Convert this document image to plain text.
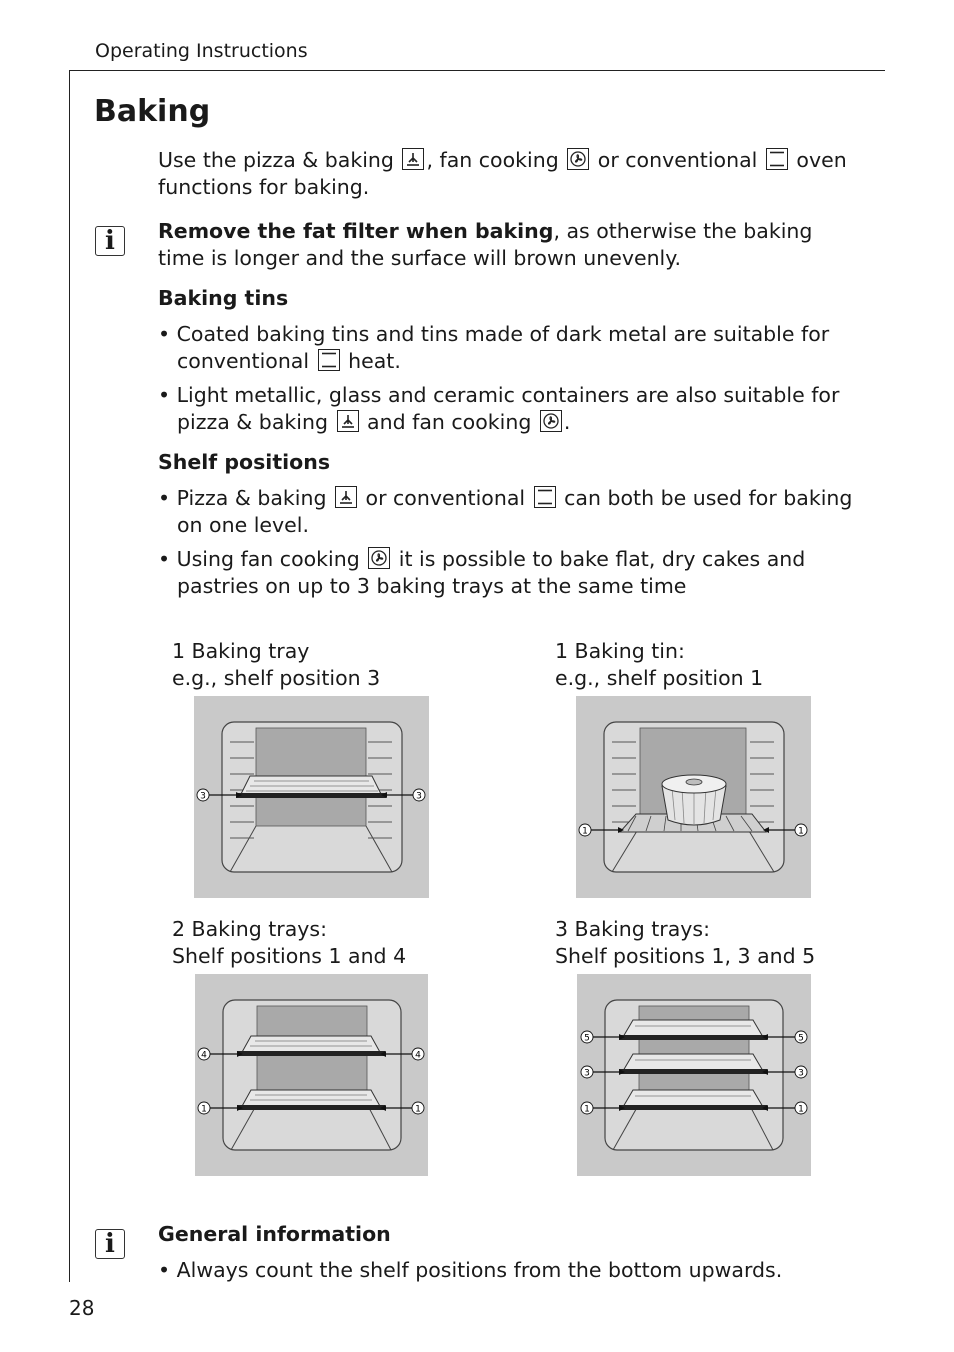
Operating Instructions
Baking
Use the pizza & baking , fan cooking or conventional oven functions for baking.
i Remove the fat filter when baking, as otherwise the baking time is longer and the surface will brown unevenly.
Baking tins
• Coated baking tins and tins made of dark metal are suitable for conventional heat.
• Light metallic, glass and ceramic containers are also suitable for pizza & baking and fan cooking .
Shelf positions
• Pizza & baking or conventional can both be used for baking on one level.
• Using fan cooking it is possible to bake flat, dry cakes and pastries on up to 3 baking trays at the same time
1 Baking tray
e.g., shelf position 3
1 Baking tin:
e.g., shelf position 1
2 Baking trays:
Shelf positions 1 and 4
3 Baking trays:
Shelf positions 1, 3 and 5
3	3
1	1
4	4
1	1
5	5
3	3
1	1
i General information
• Always count the shelf positions from the bottom upwards.
28
